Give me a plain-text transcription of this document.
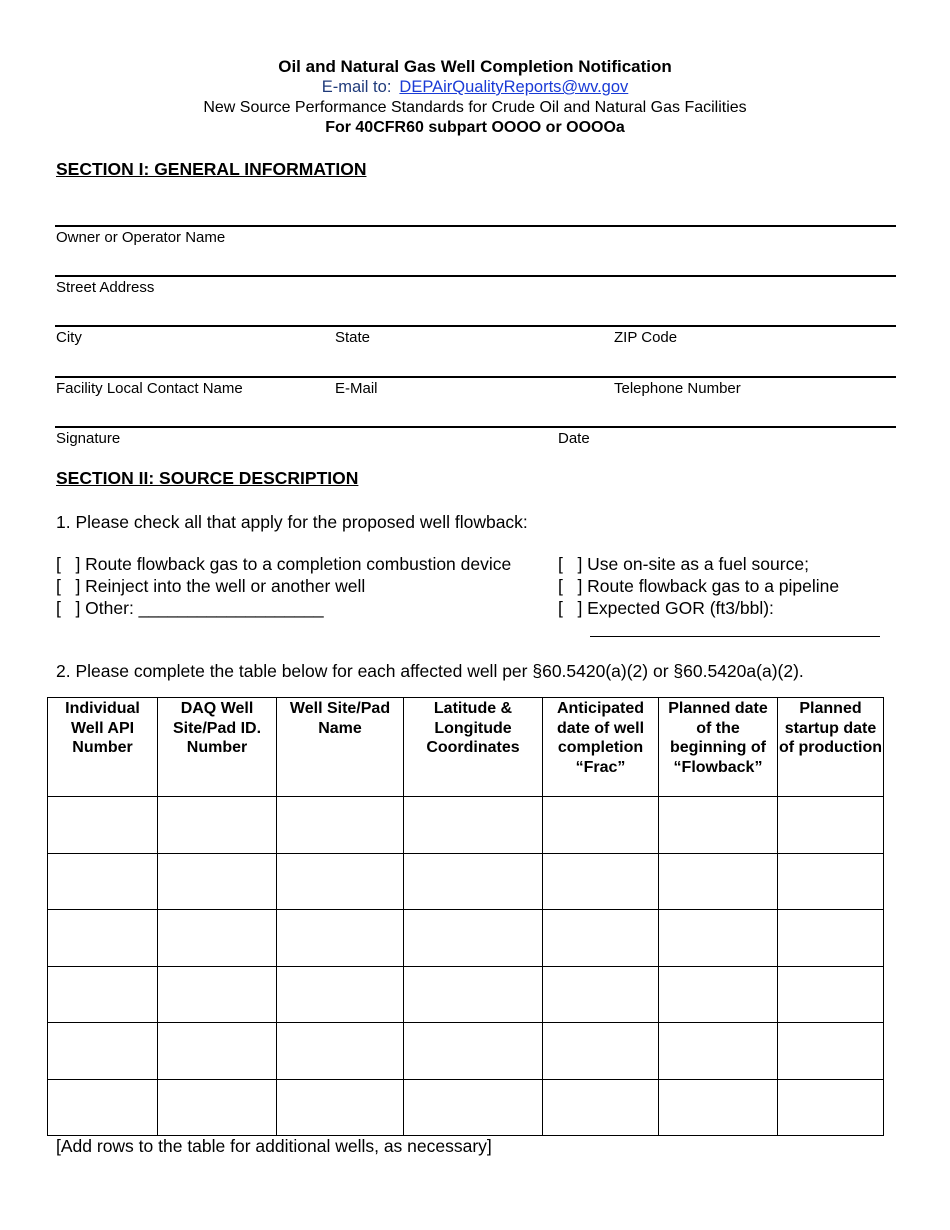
Oil and Natural Gas Well Completion Notification
E-mail to: DEPAirQualityReports@wv.gov
New Source Performance Standards for Crude Oil and Natural Gas Facilities
For 40CFR60 subpart OOOO or OOOOa
SECTION I: GENERAL INFORMATION
Owner or Operator Name
Street Address
City	State	ZIP Code
Facility Local Contact Name	E-Mail	Telephone Number
Signature	Date
SECTION II: SOURCE DESCRIPTION
1. Please check all that apply for the proposed well flowback:
[   ] Route flowback gas to a completion combustion device
[   ] Reinject into the well or another well
[   ] Other: ___________________
[   ] Use on-site as a fuel source;
[   ] Route flowback gas to a pipeline
[   ] Expected GOR (ft3/bbl):
2. Please complete the table below for each affected well per §60.5420(a)(2) or §60.5420a(a)(2).
Individual Well API Number	DAQ Well Site/Pad ID. Number	Well Site/Pad Name	Latitude & Longitude Coordinates	Anticipated date of well completion “Frac”	Planned date of the beginning of “Flowback”	Planned startup date of production

[Add rows to the table for additional wells, as necessary]
